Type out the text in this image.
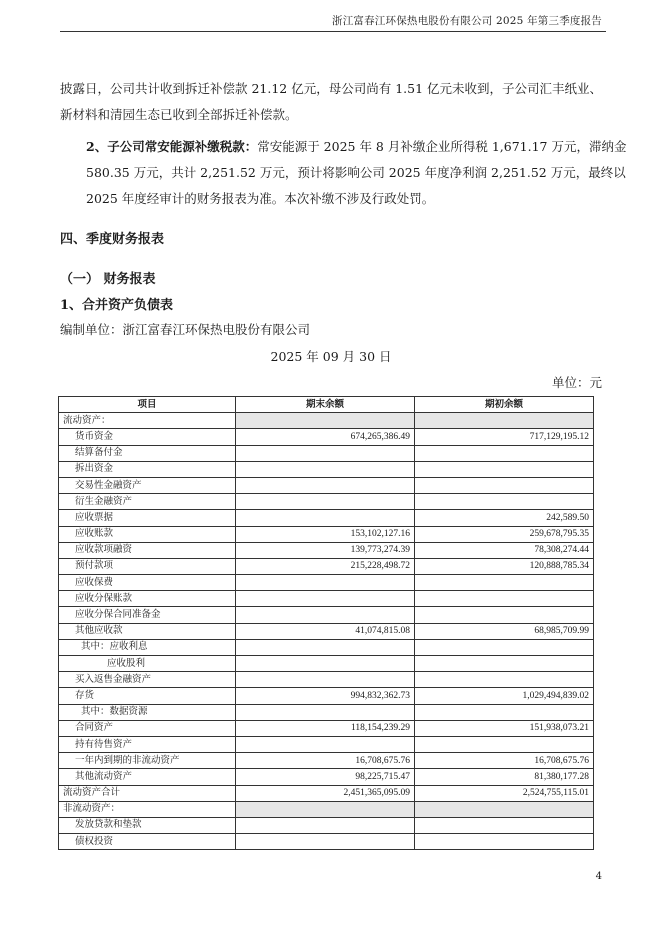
浙江富春江环保热电股份有限公司 2025 年第三季度报告
披露日，公司共计收到拆迁补偿款 21.12 亿元，母公司尚有 1.51 亿元未收到，子公司汇丰纸业、新材料和清园生态已收到全部拆迁补偿款。
2、子公司常安能源补缴税款：常安能源于 2025 年 8 月补缴企业所得税 1,671.17 万元，滞纳金 580.35 万元，共计 2,251.52 万元，预计将影响公司 2025 年度净利润 2,251.52 万元，最终以 2025 年度经审计的财务报表为准。本次补缴不涉及行政处罚。
四、季度财务报表
（一） 财务报表
1、合并资产负债表
编制单位：浙江富春江环保热电股份有限公司
2025 年 09 月 30 日
单位：元
项目	期末余额	期初余额
流动资产：		
货币资金	674,265,386.49	717,129,195.12
结算备付金		
拆出资金		
交易性金融资产		
衍生金融资产		
应收票据		242,589.50
应收账款	153,102,127.16	259,678,795.35
应收款项融资	139,773,274.39	78,308,274.44
预付款项	215,228,498.72	120,888,785.34
应收保费		
应收分保账款		
应收分保合同准备金		
其他应收款	41,074,815.08	68,985,709.99
其中：应收利息		
应收股利		
买入返售金融资产		
存货	994,832,362.73	1,029,494,839.02
其中：数据资源		
合同资产	118,154,239.29	151,938,073.21
持有待售资产		
一年内到期的非流动资产	16,708,675.76	16,708,675.76
其他流动资产	98,225,715.47	81,380,177.28
流动资产合计	2,451,365,095.09	2,524,755,115.01
非流动资产：		
发放贷款和垫款		
债权投资		
4
